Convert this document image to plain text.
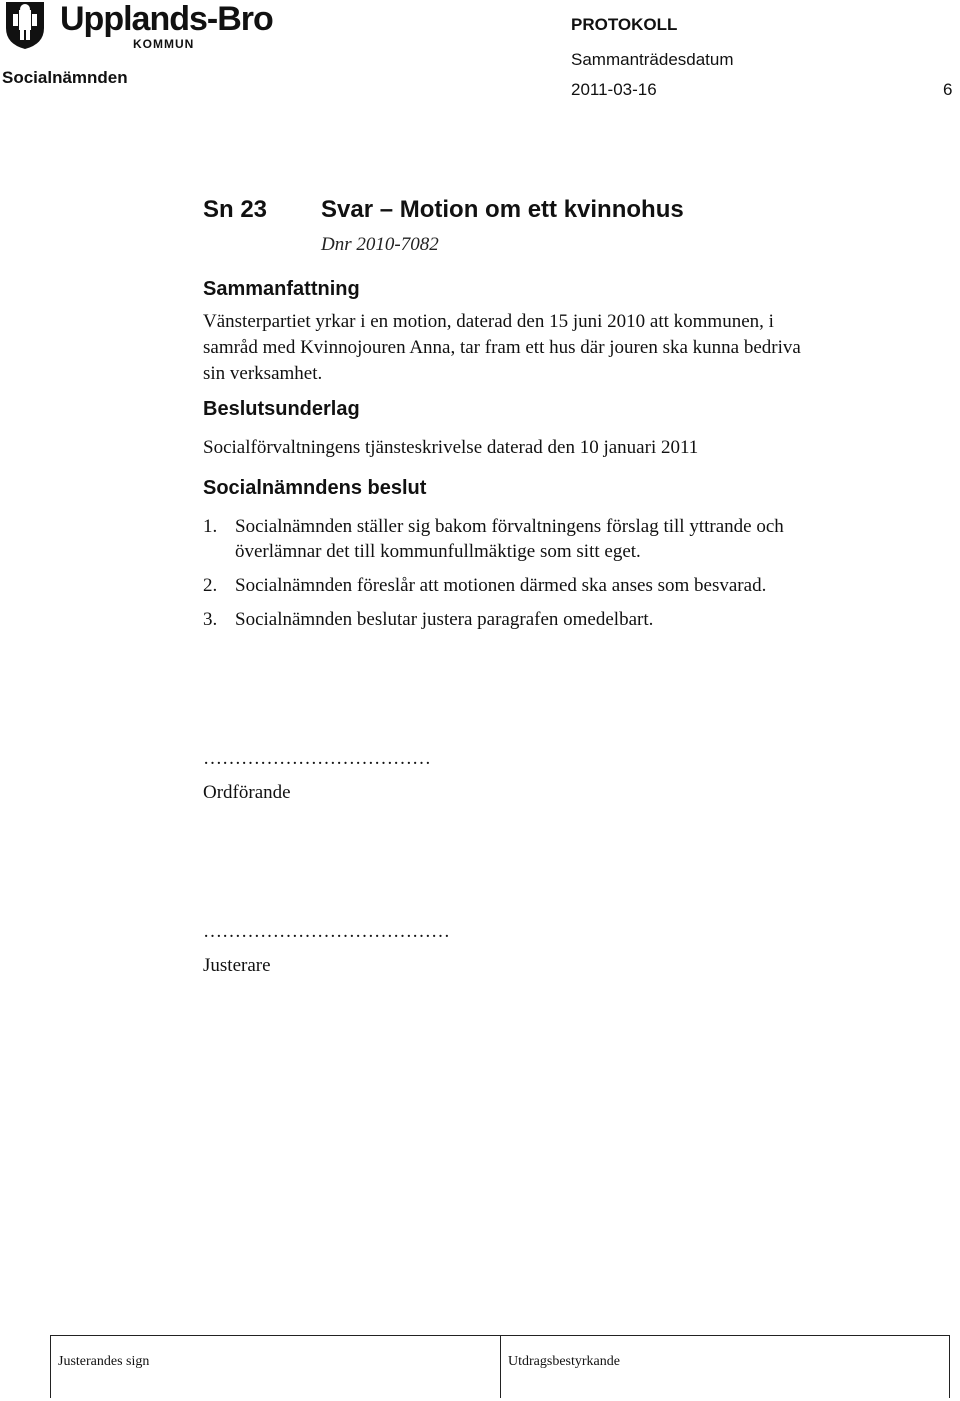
Upplands-Bro
KOMMUN
PROTOKOLL
Socialnämnden
Sammanträdesdatum
2011-03-16	6
Sn 23 Svar – Motion om ett kvinnohus
Dnr 2010-7082
Sammanfattning
Vänsterpartiet yrkar i en motion, daterad den 15 juni 2010 att kommunen, i
samråd med Kvinnojouren Anna, tar fram ett hus där jouren ska kunna bedriva
sin verksamhet.
Beslutsunderlag
Socialförvaltningens tjänsteskrivelse daterad den 10 januari 2011
Socialnämndens beslut
1. Socialnämnden ställer sig bakom förvaltningens förslag till yttrande och
överlämnar det till kommunfullmäktige som sitt eget.
2. Socialnämnden föreslår att motionen därmed ska anses som besvarad.
3. Socialnämnden beslutar justera paragrafen omedelbart.
………………………………
Ordförande
…………………………………
Justerare
Justerandes sign	Utdragsbestyrkande
